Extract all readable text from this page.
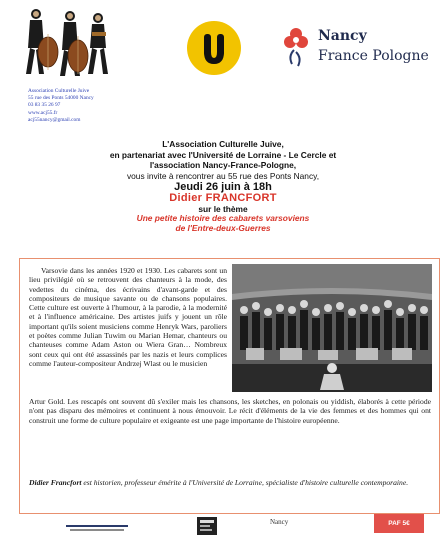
Nancy
France Pologne
Association Culturelle Juive
55 rue des Ponts 54000 Nancy
03 83 35 26 97
www.acj55.fr
acj55nancy@gmail.com
L'Association Culturelle Juive,
en partenariat avec l'Université de Lorraine - Le Cercle et
l'association Nancy-France-Pologne,
vous invite à rencontrer au 55 rue des Ponts Nancy,
Jeudi 26 juin à 18h
Didier FRANCFORT
sur le thème
Une petite histoire des cabarets varsoviens
de l'Entre-deux-Guerres

Varsovie dans les années 1920 et 1930. Les cabarets sont un lieu privilégié où se retrouvent des chanteurs à la mode, des vedettes du cinéma, des écrivains d'avant-garde et des compositeurs de musique savante ou de chansons populaires. Cette culture est ouverte à l'humour, à la parodie, à la modernité et à l'influence américaine. Des artistes juifs y jouent un rôle important qu'ils soient musiciens comme Henryk Wars, paroliers et poètes comme Julian Tuwim ou Marian Hemar, chanteurs ou chanteuses comme Adam Aston ou Wiera Gran… Nombreux sont ceux qui ont été assassinés par les nazis et leurs complices comme l'auteur-compositeur Andrzej Wlast ou le musicien

Artur Gold. Les rescapés ont souvent dû s'exiler mais les chansons, les sketches, en polonais ou yiddish, élaborés à cette période n'ont pas disparu des mémoires et continuent à nous émouvoir. Le récit d'éléments de la vie des femmes et des hommes qui ont construit une forme de culture populaire et exigeante est une page importante de l'histoire européenne.

Didier Francfort est historien, professeur émérite à l'Université de Lorraine, spécialiste d'histoire culturelle contemporaine.
Nancy	PAF 5€
